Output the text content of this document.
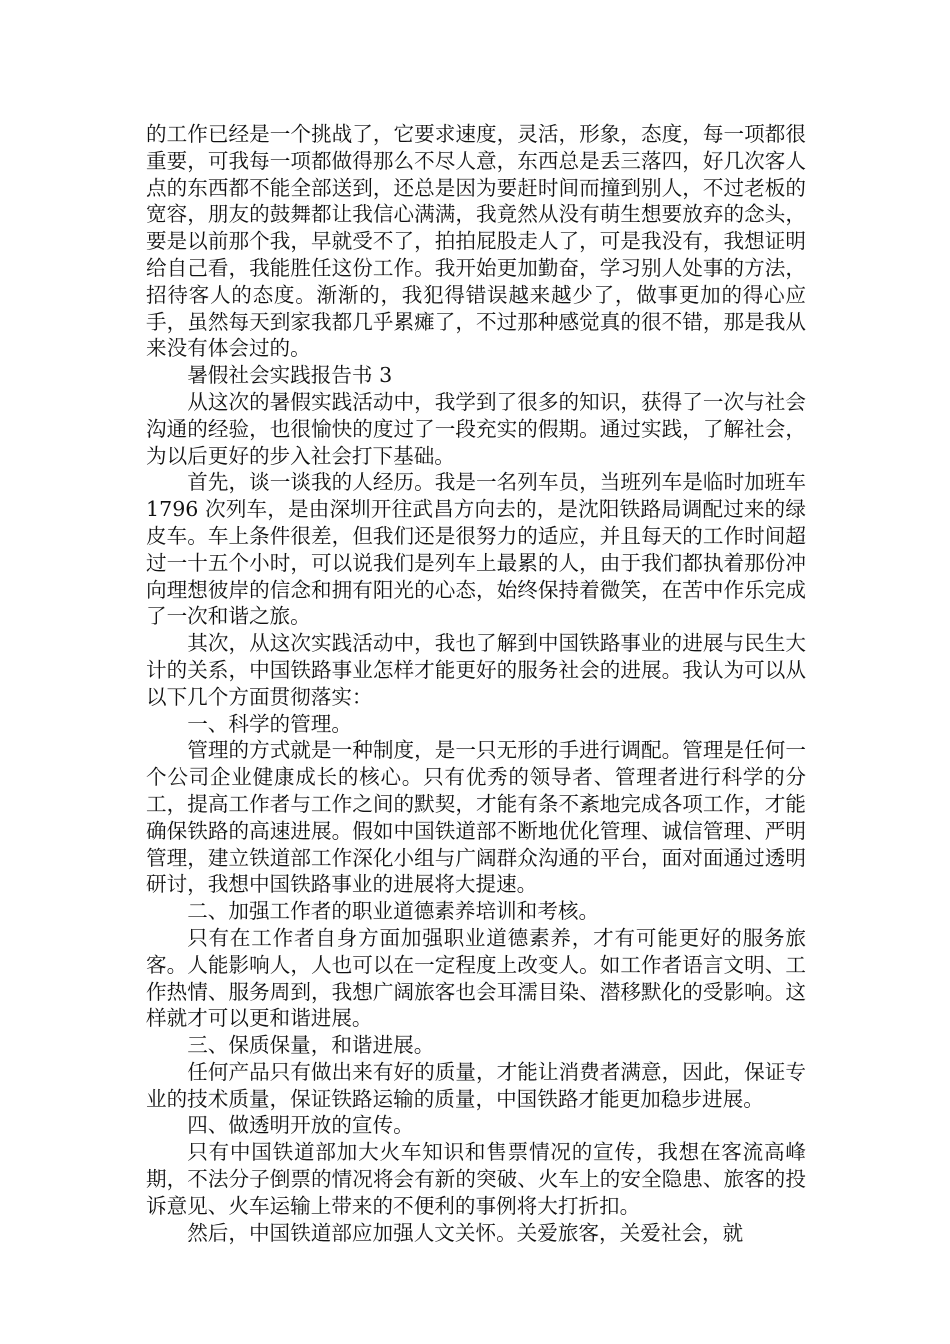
的工作已经是一个挑战了，它要求速度，灵活，形象，态度，每一项都很重要，可我每一项都做得那么不尽人意，东西总是丢三落四，好几次客人点的东西都不能全部送到，还总是因为要赶时间而撞到别人，不过老板的宽容，朋友的鼓舞都让我信心满满，我竟然从没有萌生想要放弃的念头，要是以前那个我，早就受不了，拍拍屁股走人了，可是我没有，我想证明给自己看，我能胜任这份工作。我开始更加勤奋，学习别人处事的方法，招待客人的态度。渐渐的，我犯得错误越来越少了，做事更加的得心应手，虽然每天到家我都几乎累瘫了，不过那种感觉真的很不错，那是我从来没有体会过的。

暑假社会实践报告书 3

从这次的暑假实践活动中，我学到了很多的知识，获得了一次与社会沟通的经验，也很愉快的度过了一段充实的假期。通过实践，了解社会，为以后更好的步入社会打下基础。

首先，谈一谈我的人经历。我是一名列车员，当班列车是临时加班车 1796 次列车，是由深圳开往武昌方向去的，是沈阳铁路局调配过来的绿皮车。车上条件很差，但我们还是很努力的适应，并且每天的工作时间超过一十五个小时，可以说我们是列车上最累的人，由于我们都执着那份冲向理想彼岸的信念和拥有阳光的心态，始终保持着微笑，在苦中作乐完成了一次和谐之旅。

其次，从这次实践活动中，我也了解到中国铁路事业的进展与民生大计的关系，中国铁路事业怎样才能更好的服务社会的进展。我认为可以从以下几个方面贯彻落实：

一、科学的管理。

管理的方式就是一种制度，是一只无形的手进行调配。管理是任何一个公司企业健康成长的核心。只有优秀的领导者、管理者进行科学的分工，提高工作者与工作之间的默契，才能有条不紊地完成各项工作，才能确保铁路的高速进展。假如中国铁道部不断地优化管理、诚信管理、严明管理，建立铁道部工作深化小组与广阔群众沟通的平台，面对面通过透明研讨，我想中国铁路事业的进展将大提速。

二、加强工作者的职业道德素养培训和考核。

只有在工作者自身方面加强职业道德素养，才有可能更好的服务旅客。人能影响人，人也可以在一定程度上改变人。如工作者语言文明、工作热情、服务周到，我想广阔旅客也会耳濡目染、潜移默化的受影响。这样就才可以更和谐进展。

三、保质保量，和谐进展。

任何产品只有做出来有好的质量，才能让消费者满意，因此，保证专业的技术质量，保证铁路运输的质量，中国铁路才能更加稳步进展。

四、做透明开放的宣传。

只有中国铁道部加大火车知识和售票情况的宣传，我想在客流高峰期，不法分子倒票的情况将会有新的突破、火车上的安全隐患、旅客的投诉意见、火车运输上带来的不便利的事例将大打折扣。

然后，中国铁道部应加强人文关怀。关爱旅客，关爱社会，就
